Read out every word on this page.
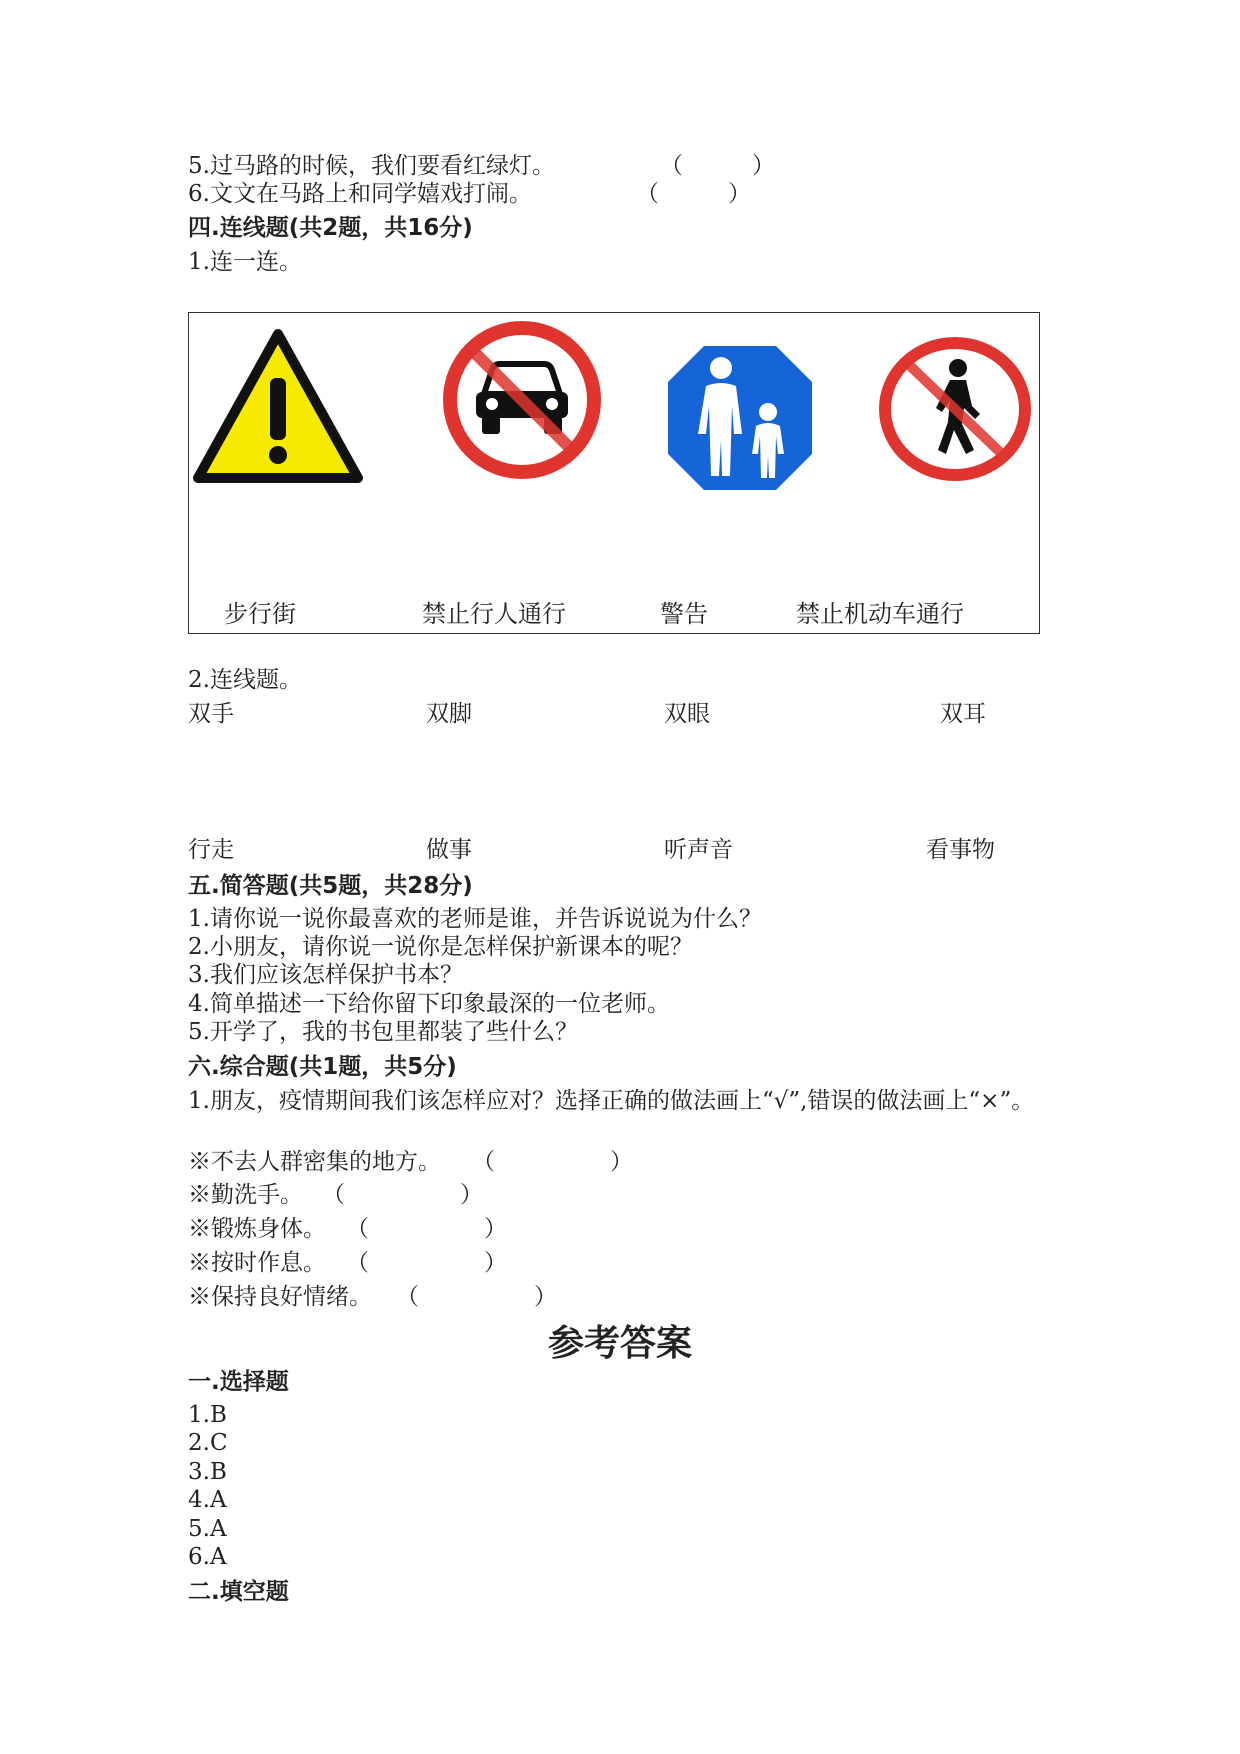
5.过马路的时候，我们要看红绿灯。	（　　　）
6.文文在马路上和同学嬉戏打闹。	（　　　）
四.连线题(共2题，共16分)
1.连一连。
步行街	禁止行人通行	警告	禁止机动车通行
2.连线题。
双手	双脚	双眼	双耳
行走	做事	听声音	看事物
五.简答题(共5题，共28分)
1.请你说一说你最喜欢的老师是谁，并告诉说说为什么？
2.小朋友，请你说一说你是怎样保护新课本的呢？
3.我们应该怎样保护书本？
4.简单描述一下给你留下印象最深的一位老师。
5.开学了，我的书包里都装了些什么？
六.综合题(共1题，共5分)
1.朋友，疫情期间我们该怎样应对？选择正确的做法画上“√”,错误的做法画上“×”。
※不去人群密集的地方。 （　　　　　）
※勤洗手。 （　　　　　）
※锻炼身体。 （　　　　　）
※按时作息。 （　　　　　）
※保持良好情绪。 （　　　　　）
参考答案
一.选择题
1.B
2.C
3.B
4.A
5.A
6.A
二.填空题
